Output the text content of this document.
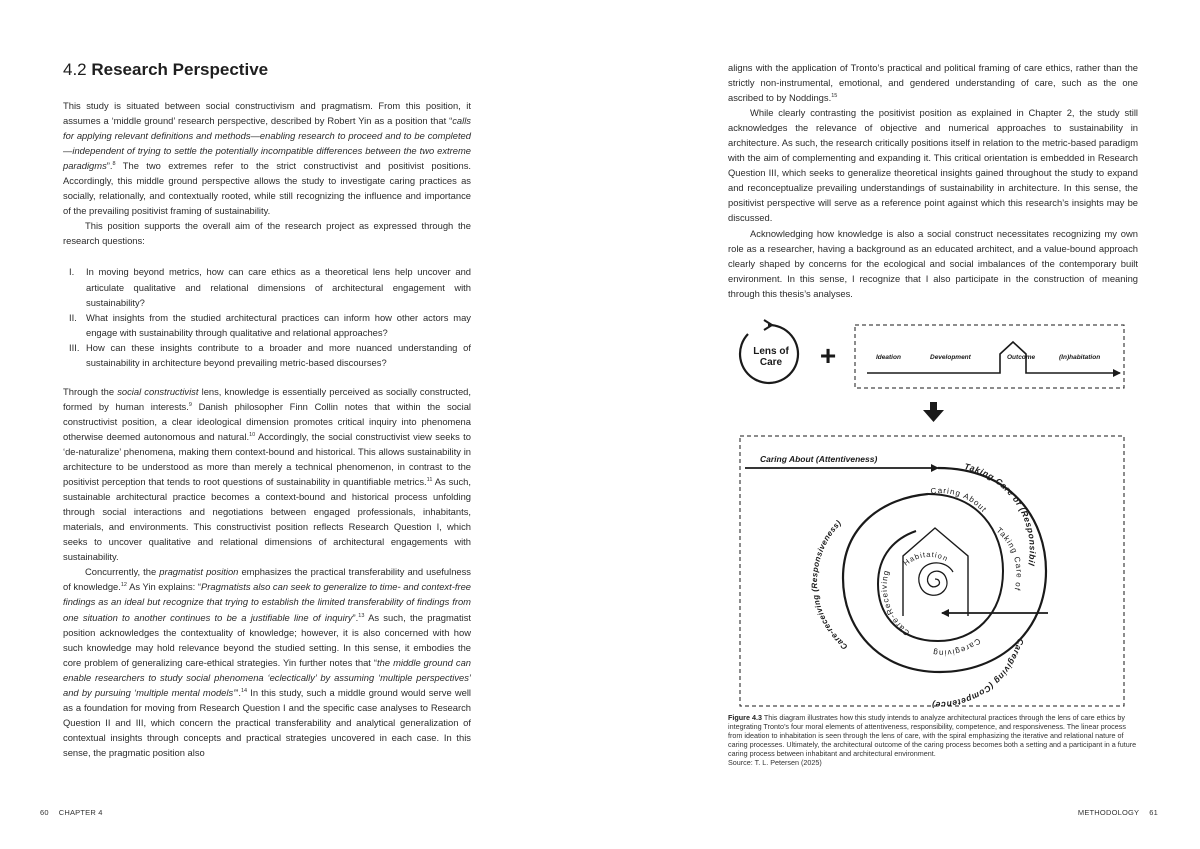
4.2 Research Perspective

This study is situated between social constructivism and pragmatism. From this position, it assumes a ‘middle ground’ research perspective, described by Robert Yin as a position that “calls for applying relevant definitions and methods—enabling research to proceed and to be completed—independent of trying to settle the potentially incompatible differences between the two extreme paradigms”.$^8$ The two extremes refer to the strict constructivist and positivist positions. Accordingly, this middle ground perspective allows the study to investigate caring practices as socially, relationally, and contextually rooted, while still recognizing the influence and importance of the prevailing positivist framing of sustainability.

This position supports the overall aim of the research project as expressed through the research questions:

I. In moving beyond metrics, how can care ethics as a theoretical lens help uncover and articulate qualitative and relational dimensions of architectural engagement with sustainability?
II. What insights from the studied architectural practices can inform how other actors may engage with sustainability through qualitative and relational approaches?
III. How can these insights contribute to a broader and more nuanced understanding of sustainability in architecture beyond prevailing metric-based discourses?

Through the social constructivist lens, knowledge is essentially perceived as socially constructed, formed by human interests.$^9$ Danish philosopher Finn Collin notes that within the social constructivist position, a clear ideological dimension promotes critical inquiry into phenomena otherwise deemed autonomous and natural.$^{10}$ Accordingly, the social constructivist view seeks to ‘de-naturalize’ phenomena, making them context-bound and historical. This allows sustainability in architecture to be understood as more than merely a technical phenomenon, in contrast to the positivist perception that tends to root questions of sustainability in quantifiable metrics.$^{11}$ As such, sustainable architectural practice becomes a context-bound and historical process unfolding through social interactions and negotiations between engaged professionals, inhabitants, materials, and environments. This constructivist position reflects Research Question I, which seeks to uncover qualitative and relational dimensions of architectural engagements with sustainability.

Concurrently, the pragmatist position emphasizes the practical transferability and usefulness of knowledge.$^{12}$ As Yin explains: “Pragmatists also can seek to generalize to time- and context-free findings as an ideal but recognize that trying to establish the limited transferability of findings from one situation to another continues to be a justifiable line of inquiry”.$^{13}$ As such, the pragmatist position acknowledges the contextuality of knowledge; however, it is also concerned with how such knowledge may hold relevance beyond the studied setting. In this sense, it embodies the core problem of generalizing care-ethical strategies. Yin further notes that “the middle ground can enable researchers to study social phenomena ‘eclectically’ by assuming ‘multiple perspectives’ and by pursuing ‘multiple mental models’”.$^{14}$ In this study, such a middle ground would serve well as a foundation for moving from Research Question I and the specific case analyses to Research Question II and III, which concern the practical transferability and analytical generalization of contextual insights through concepts and practical strategies uncovered in each case. In this sense, the pragmatic position also

aligns with the application of Tronto’s practical and political framing of care ethics, rather than the strictly non-instrumental, emotional, and gendered understanding of care, such as the one ascribed to by Noddings.$^{15}$

While clearly contrasting the positivist position as explained in Chapter 2, the study still acknowledges the relevance of objective and numerical approaches to sustainability in architecture. As such, the research critically positions itself in relation to the metric-based paradigm with the aim of complementing and expanding it. This critical orientation is embedded in Research Question III, which seeks to generalize theoretical insights gained throughout the study to expand and reconceptualize prevailing understandings of sustainability in architecture. In this sense, the positivist perspective will serve as a reference point against which this research’s insights may be discussed.

Acknowledging how knowledge is also a social construct necessitates recognizing my own role as a researcher, having a background as an educated architect, and a value-bound approach clearly shaped by concerns for the ecological and social imbalances of the contemporary built environment. In this sense, I recognize that I also participate in the construction of meaning through this thesis’s analyses.

Lens of
Care +	Ideation	Development	Outcome	(In)habitation
Caring About (Attentiveness)
Taking Care of (Responsibil
Caregiving (Competence)
Care-receiving (Responsiveness)
Caring About
Taking Care of
Caregiving
Care-Receiving
Habitation
Figure 4.3 This diagram illustrates how this study intends to analyze architectural practices through the lens of care ethics by integrating Tronto’s four moral elements of attentiveness, responsibility, competence, and responsiveness. The linear process from ideation to inhabitation is seen through the lens of care, with the spiral emphasizing the iterative and relational nature of caring processes. Ultimately, the architectural outcome of the caring process becomes both a setting and a participant in a future caring process between inhabitant and architectural environment.
Source: T. L. Petersen (2025)
60 CHAPTER 4	METHODOLOGY 61
